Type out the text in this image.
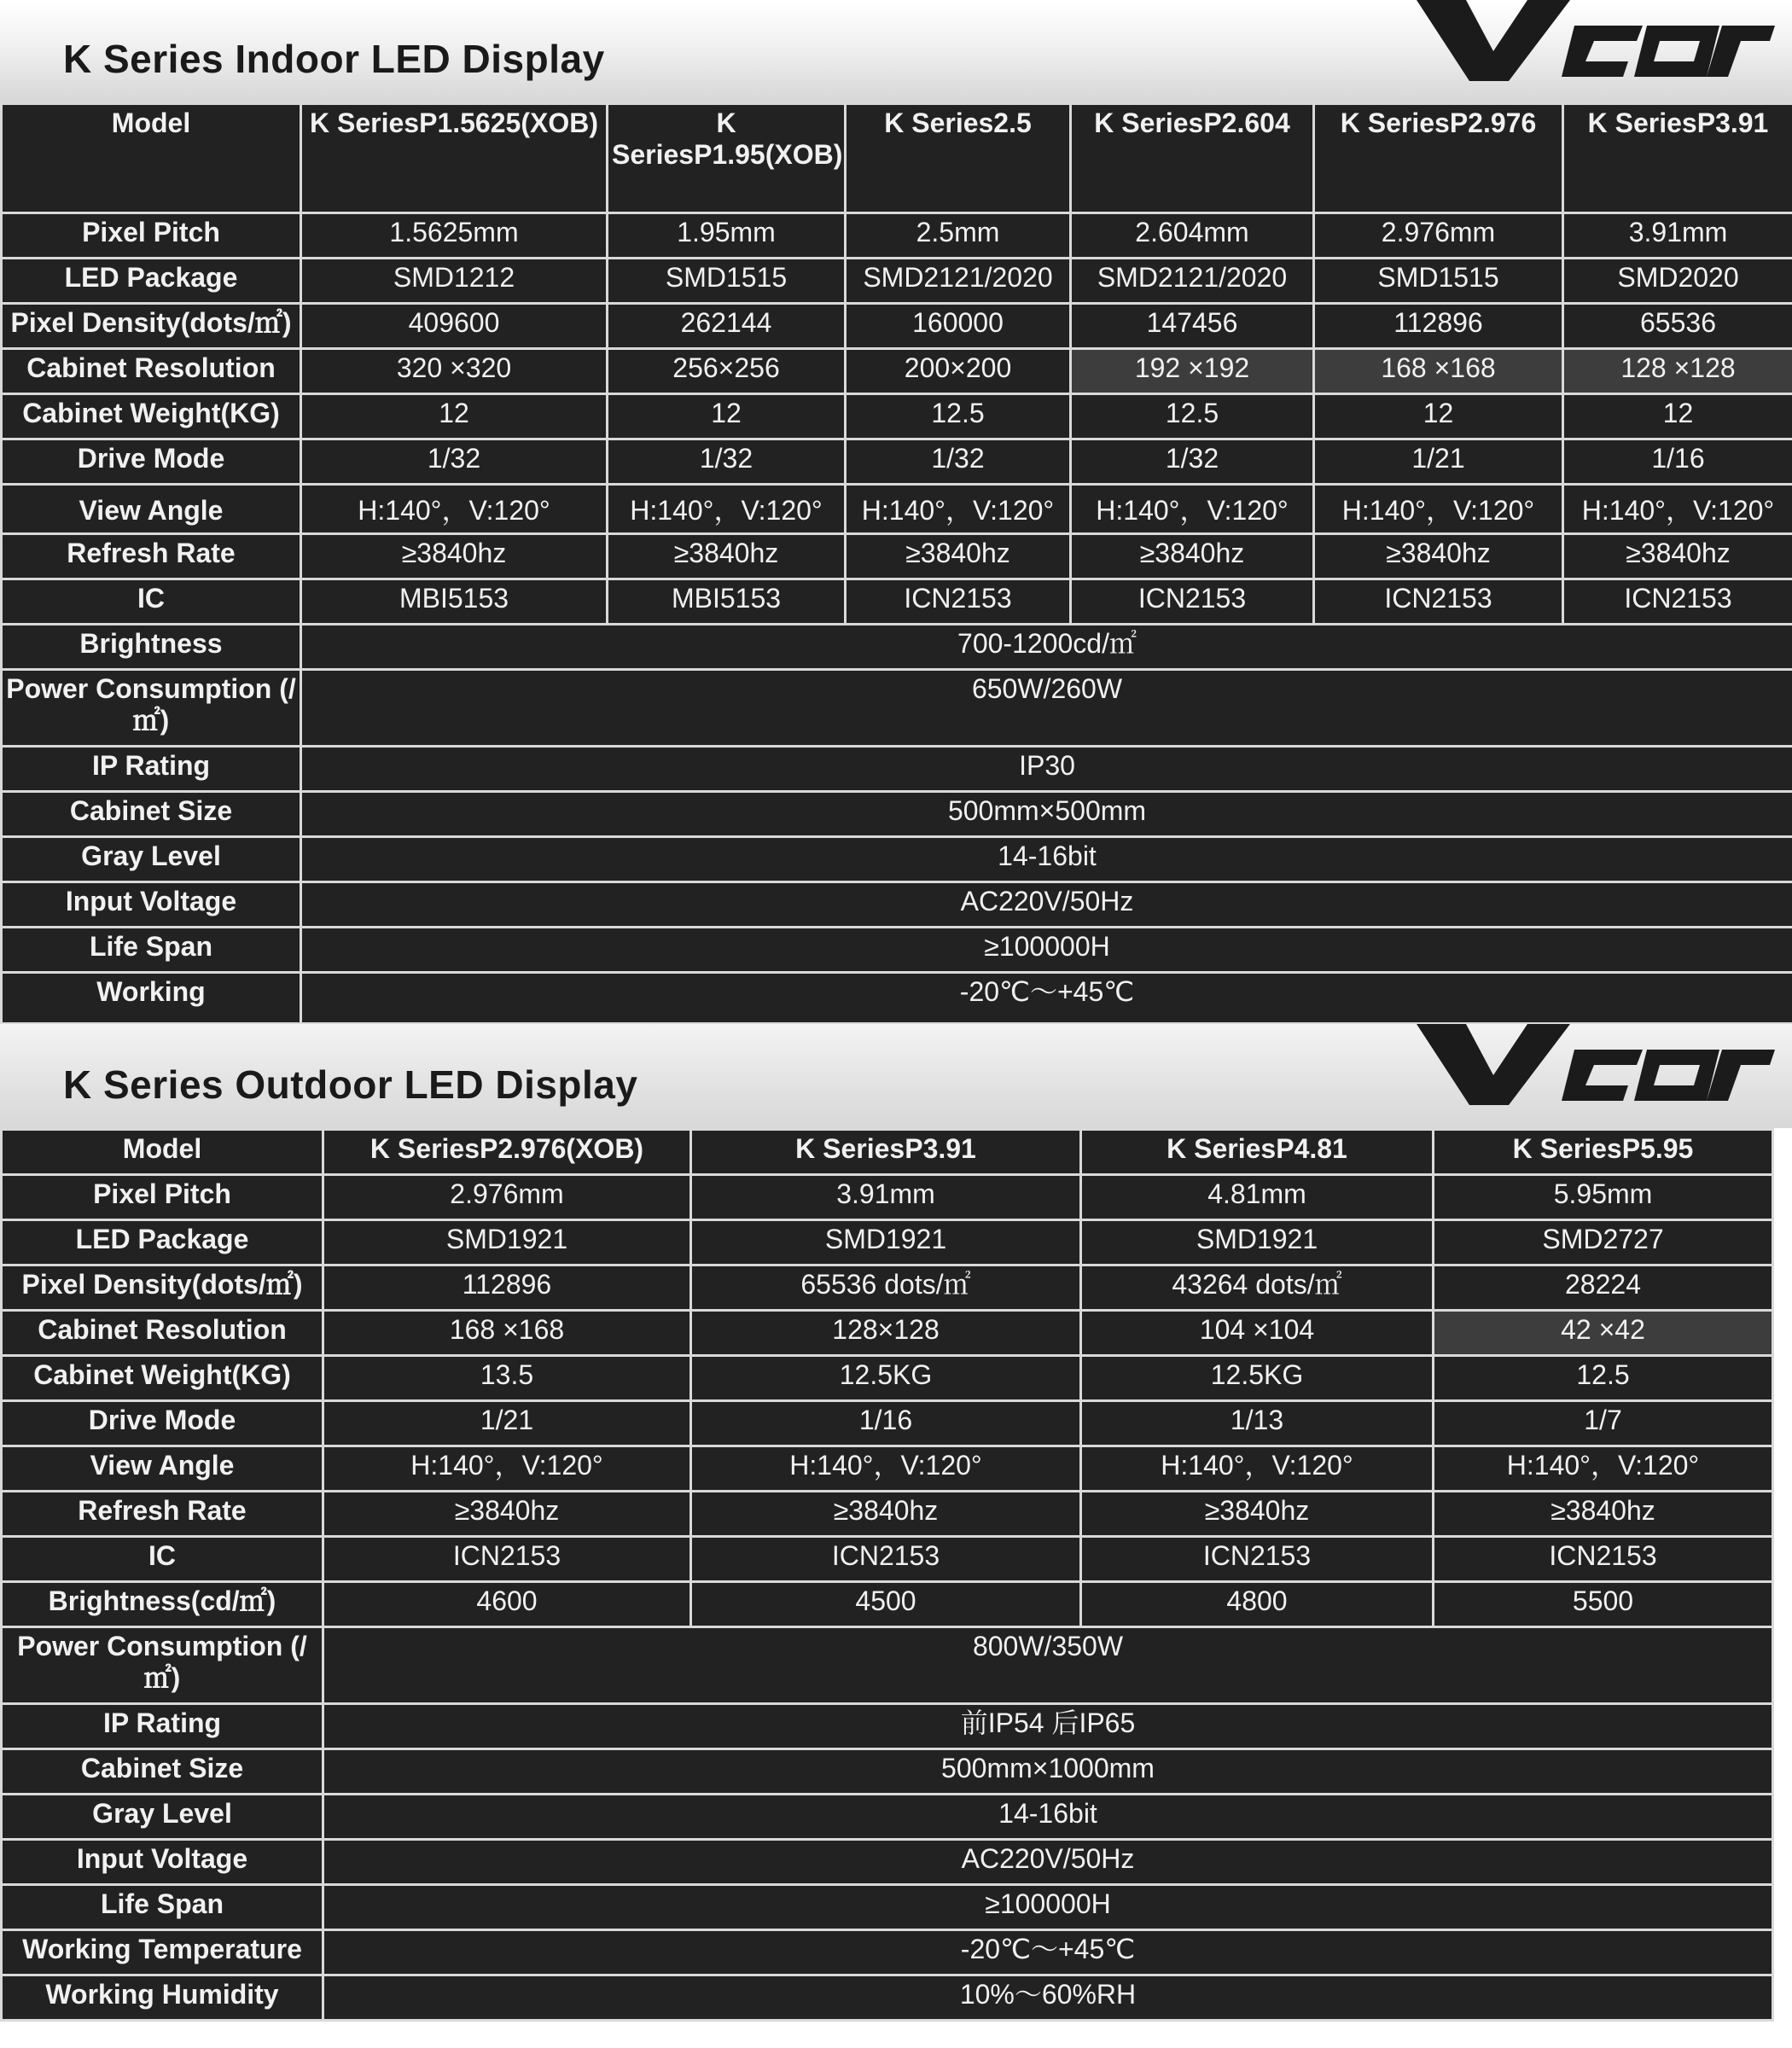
K Series Indoor LED Display
Vcore
Model	K SeriesP1.5625(XOB)	K SeriesP1.95(XOB)	K Series2.5	K SeriesP2.604	K SeriesP2.976	K SeriesP3.91
Pixel Pitch	1.5625mm	1.95mm	2.5mm	2.604mm	2.976mm	3.91mm
LED Package	SMD1212	SMD1515	SMD2121/2020	SMD2121/2020	SMD1515	SMD2020
Pixel Density(dots/㎡)	409600	262144	160000	147456	112896	65536
Cabinet Resolution	320 ×320	256×256	200×200	192 ×192	168 ×168	128 ×128
Cabinet Weight(KG)	12	12	12.5	12.5	12	12
Drive Mode	1/32	1/32	1/32	1/32	1/21	1/16
View Angle	H:140°，V:120°	H:140°，V:120°	H:140°，V:120°	H:140°，V:120°	H:140°，V:120°	H:140°，V:120°
Refresh Rate	≥3840hz	≥3840hz	≥3840hz	≥3840hz	≥3840hz	≥3840hz
IC	MBI5153	MBI5153	ICN2153	ICN2153	ICN2153	ICN2153
Brightness	700-1200cd/㎡					
Power Consumption (/㎡)	650W/260W					
IP Rating	IP30					
Cabinet Size	500mm×500mm					
Gray Level	14-16bit					
Input Voltage	AC220V/50Hz					
Life Span	≥100000H					
Working	-20℃～+45℃					
K Series Outdoor LED Display
Model	K SeriesP2.976(XOB)	K SeriesP3.91	K SeriesP4.81	K SeriesP5.95
Pixel Pitch	2.976mm	3.91mm	4.81mm	5.95mm
LED Package	SMD1921	SMD1921	SMD1921	SMD2727
Pixel Density(dots/㎡)	112896	65536 dots/㎡	43264 dots/㎡	28224
Cabinet Resolution	168 ×168	128×128	104 ×104	42 ×42
Cabinet Weight(KG)	13.5	12.5KG	12.5KG	12.5
Drive Mode	1/21	1/16	1/13	1/7
View Angle	H:140°，V:120°	H:140°，V:120°	H:140°，V:120°	H:140°，V:120°
Refresh Rate	≥3840hz	≥3840hz	≥3840hz	≥3840hz
IC	ICN2153	ICN2153	ICN2153	ICN2153
Brightness(cd/㎡)	4600	4500	4800	5500
Power Consumption (/㎡)	800W/350W			
IP Rating	前IP54 后IP65			
Cabinet Size	500mm×1000mm			
Gray Level	14-16bit			
Input Voltage	AC220V/50Hz			
Life Span	≥100000H			
Working Temperature	-20℃～+45℃			
Working Humidity	10%～60%RH			
